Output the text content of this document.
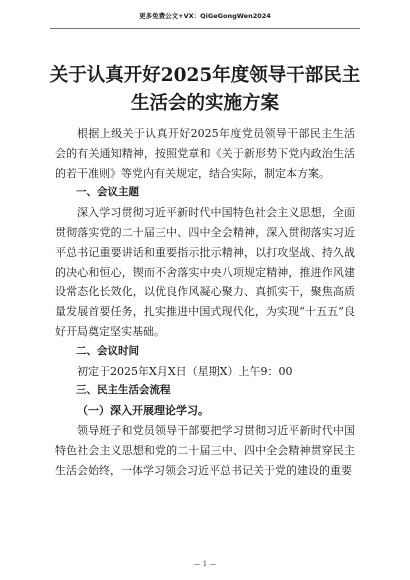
更多免费公文+VX：QiGeGongWen2024
关于认真开好2025年度领导干部民主生活会的实施方案

根据上级关于认真开好2025年度党员领导干部民主生活会的有关通知精神，按照党章和《关于新形势下党内政治生活的若干准则》等党内有关规定，结合实际，制定本方案。

一、会议主题

深入学习贯彻习近平新时代中国特色社会主义思想，全面贯彻落实党的二十届三中、四中全会精神，深入贯彻落实习近平总书记重要讲话和重要指示批示精神，以打攻坚战、持久战的决心和恒心，锲而不舍落实中央八项规定精神，推进作风建设常态化长效化，以优良作风凝心聚力、真抓实干，聚焦高质量发展首要任务，扎实推进中国式现代化，为实现“十五五”良好开局奠定坚实基础。

二、会议时间

初定于2025年X月X日（星期X）上午9：00

三、民主生活会流程

（一）深入开展理论学习。

领导班子和党员领导干部要把学习贯彻习近平新时代中国特色社会主义思想和党的二十届三中、四中全会精神贯穿民主生活会始终，一体学习领会习近平总书记关于党的建设的重要

— 1 —
